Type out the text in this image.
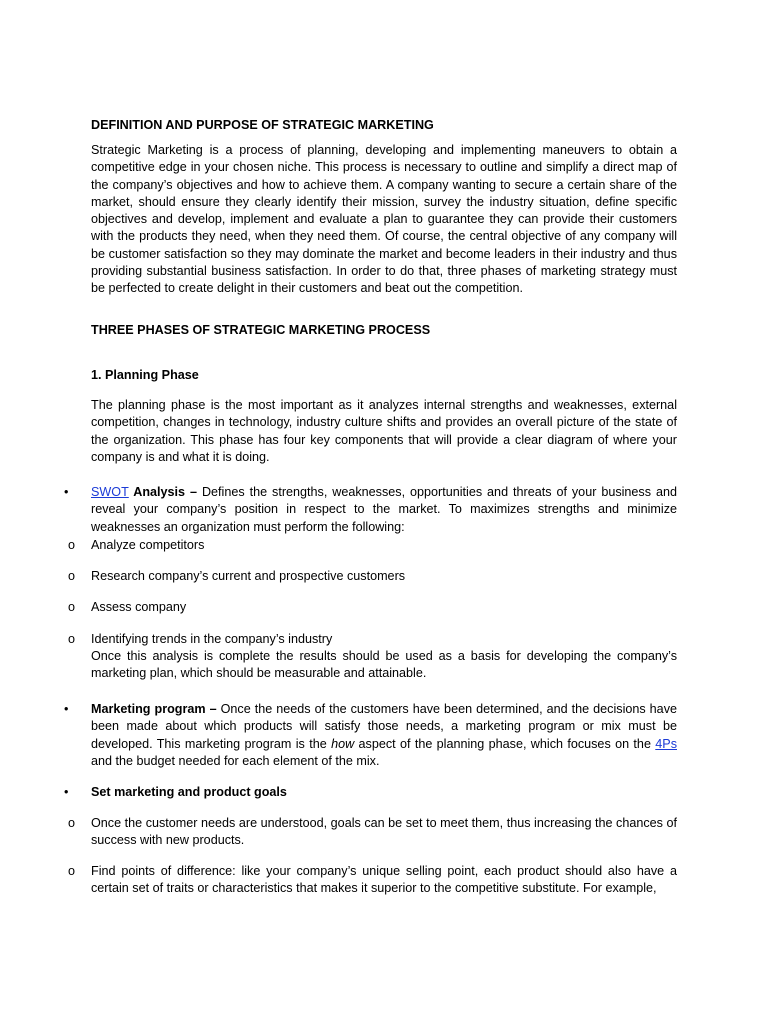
DEFINITION AND PURPOSE OF STRATEGIC MARKETING

Strategic Marketing is a process of planning, developing and implementing maneuvers to obtain a competitive edge in your chosen niche. This process is necessary to outline and simplify a direct map of the company’s objectives and how to achieve them. A company wanting to secure a certain share of the market, should ensure they clearly identify their mission, survey the industry situation, define specific objectives and develop, implement and evaluate a plan to guarantee they can provide their customers with the products they need, when they need them. Of course, the central objective of any company will be customer satisfaction so they may dominate the market and become leaders in their industry and thus providing substantial business satisfaction. In order to do that, three phases of marketing strategy must be perfected to create delight in their customers and beat out the competition.

THREE PHASES OF STRATEGIC MARKETING PROCESS

1. Planning Phase

The planning phase is the most important as it analyzes internal strengths and weaknesses, external competition, changes in technology, industry culture shifts and provides an overall picture of the state of the organization. This phase has four key components that will provide a clear diagram of where your company is and what it is doing.

• SWOT Analysis – Defines the strengths, weaknesses, opportunities and threats of your business and reveal your company’s position in respect to the market. To maximizes strengths and minimize weaknesses an organization must perform the following:

o Analyze competitors

o Research company’s current and prospective customers

o Assess company

o Identifying trends in the company’s industry

Once this analysis is complete the results should be used as a basis for developing the company’s marketing plan, which should be measurable and attainable.

• Marketing program – Once the needs of the customers have been determined, and the decisions have been made about which products will satisfy those needs, a marketing program or mix must be developed. This marketing program is the how aspect of the planning phase, which focuses on the 4Ps and the budget needed for each element of the mix.

• Set marketing and product goals

o Once the customer needs are understood, goals can be set to meet them, thus increasing the chances of success with new products.

o Find points of difference: like your company’s unique selling point, each product should also have a certain set of traits or characteristics that makes it superior to the competitive substitute. For example,
